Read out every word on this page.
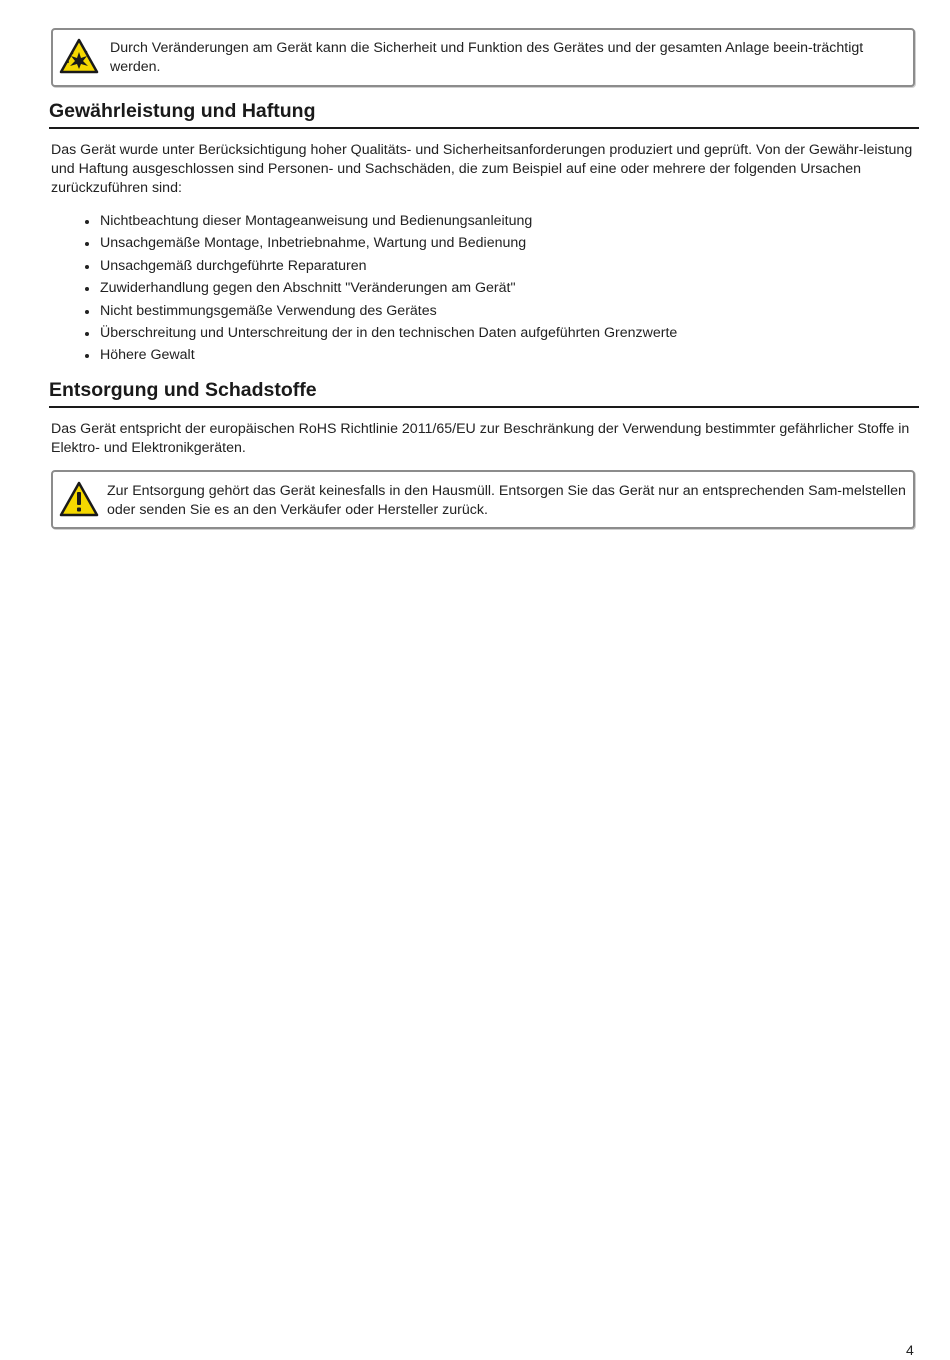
Durch Veränderungen am Gerät kann die Sicherheit und Funktion des Gerätes und der gesamten Anlage beein-trächtigt werden.
Gewährleistung und Haftung

Das Gerät wurde unter Berücksichtigung hoher Qualitäts- und Sicherheitsanforderungen produziert und geprüft. Von der Gewähr-leistung und Haftung ausgeschlossen sind Personen- und Sachschäden, die zum Beispiel auf eine oder mehrere der folgenden Ursachen zurückzuführen sind:

Nichtbeachtung dieser Montageanweisung und Bedienungsanleitung
Unsachgemäße Montage, Inbetriebnahme, Wartung und Bedienung
Unsachgemäß durchgeführte Reparaturen
Zuwiderhandlung gegen den Abschnitt "Veränderungen am Gerät"
Nicht bestimmungsgemäße Verwendung des Gerätes
Überschreitung und Unterschreitung der in den technischen Daten aufgeführten Grenzwerte
Höhere Gewalt
Entsorgung und Schadstoffe

Das Gerät entspricht der europäischen RoHS Richtlinie 2011/65/EU zur Beschränkung der Verwendung bestimmter gefährlicher Stoffe in Elektro- und Elektronikgeräten.

Zur Entsorgung gehört das Gerät keinesfalls in den Hausmüll. Entsorgen Sie das Gerät nur an entsprechenden Sam-melstellen oder senden Sie es an den Verkäufer oder Hersteller zurück.
4
